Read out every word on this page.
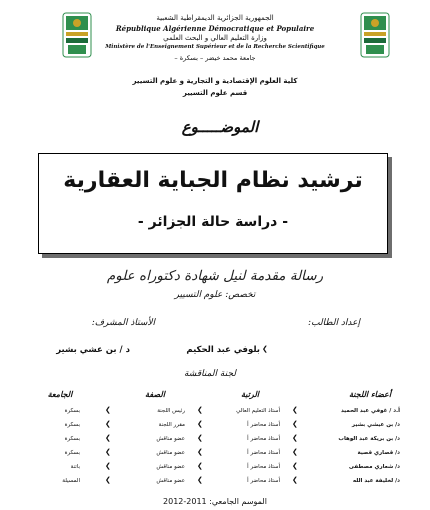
الجمهورية الجزائرية الديمقراطية الشعبية
République Algérienne Démocratique et Populaire
وزارة التعليم العالي و البحث العلمي
Ministère de l'Enseignement Supérieur et de la Recherche Scientifique
جامعة محمد خيضر – بسكرة –
كلية العلوم الإقتصادية و التجارية و علوم التسيير
قسم علوم التسيير
الموضـــــوع
ترشيد نظام الجباية العقارية
- دراسة حالة الجزائر -
رسالة مقدمة لنيل شهادة دكتوراه علوم
تخصص: علوم التسيير
إعداد الطالب:
بلوفي عبد الحكيم ❮
الأستاذ المشرف:
د / بن عشي بشير
لجنة المناقشة
أعضاء اللجنة
الرتبة
الصفة
الجامعة
أ.د / غوفي عبد الحميد
أستاذ التعليم العالي
رئيس اللجنة
بسكرة
د/ بن عيشي بشير
أستاذ محاضر أ
مقرر اللجنة
بسكرة
د/ بن بريكة عبد الوهاب
أستاذ محاضر أ
عضو مناقش
بسكرة
د/ قصاري قصية
أستاذ محاضر أ
عضو مناقش
بسكرة
د/ شعاري مصطفى
أستاذ محاضر أ
عضو مناقش
باتنة
د/ لخليفة عبد الله
أستاذ محاضر أ
عضو مناقش
المسيلة
❮
❮
❮
❮
❮
❮
❮
❮
❮
❮
❮
❮
❮
❮
❮
❮
❮
❮
الموسم الجامعي: 2011-2012
